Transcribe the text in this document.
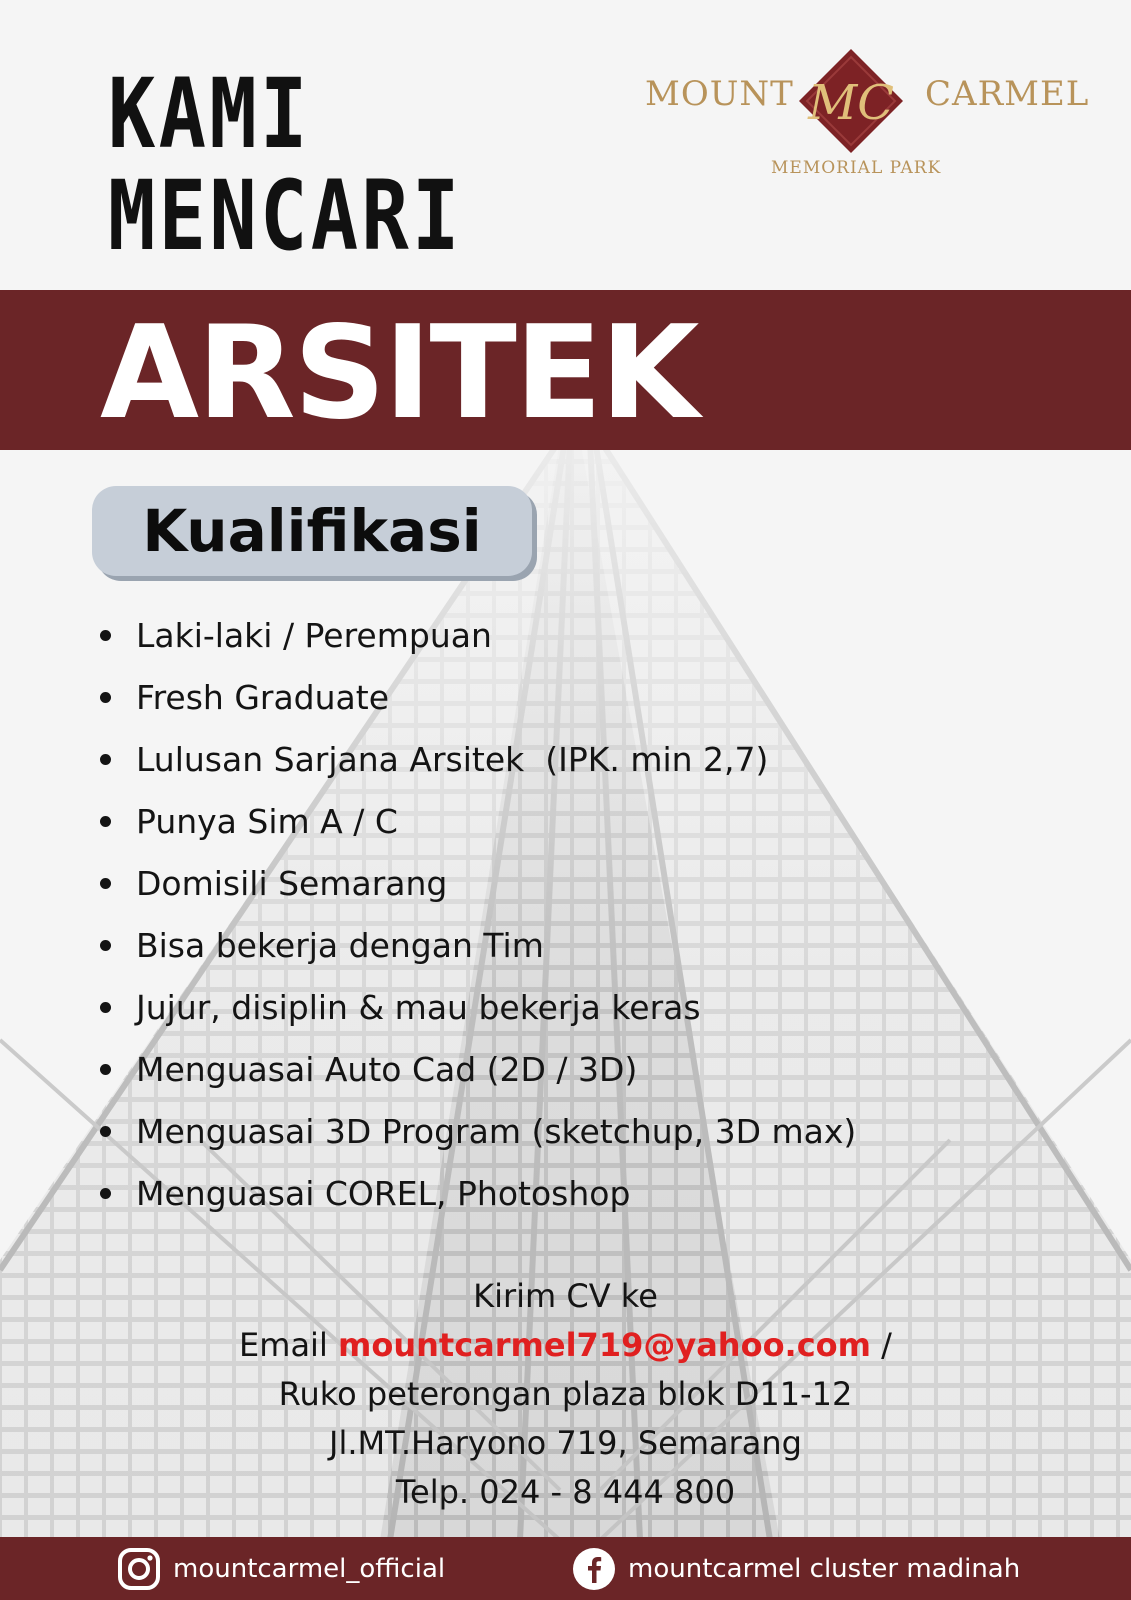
KAMI
MENCARI
MOUNT MC CARMEL
MEMORIAL PARK
ARSITEK
Kualifikasi
Laki-laki / Perempuan
Fresh Graduate
Lulusan Sarjana Arsitek  (IPK. min 2,7)
Punya Sim A / C
Domisili Semarang
Bisa bekerja dengan Tim
Jujur, disiplin & mau bekerja keras
Menguasai Auto Cad (2D / 3D)
Menguasai 3D Program (sketchup, 3D max)
Menguasai COREL, Photoshop
Kirim CV ke
Email mountcarmel719@yahoo.com /
Ruko peterongan plaza blok D11-12
Jl.MT.Haryono 719, Semarang
Telp. 024 - 8 444 800
mountcarmel_official	mountcarmel cluster madinah
